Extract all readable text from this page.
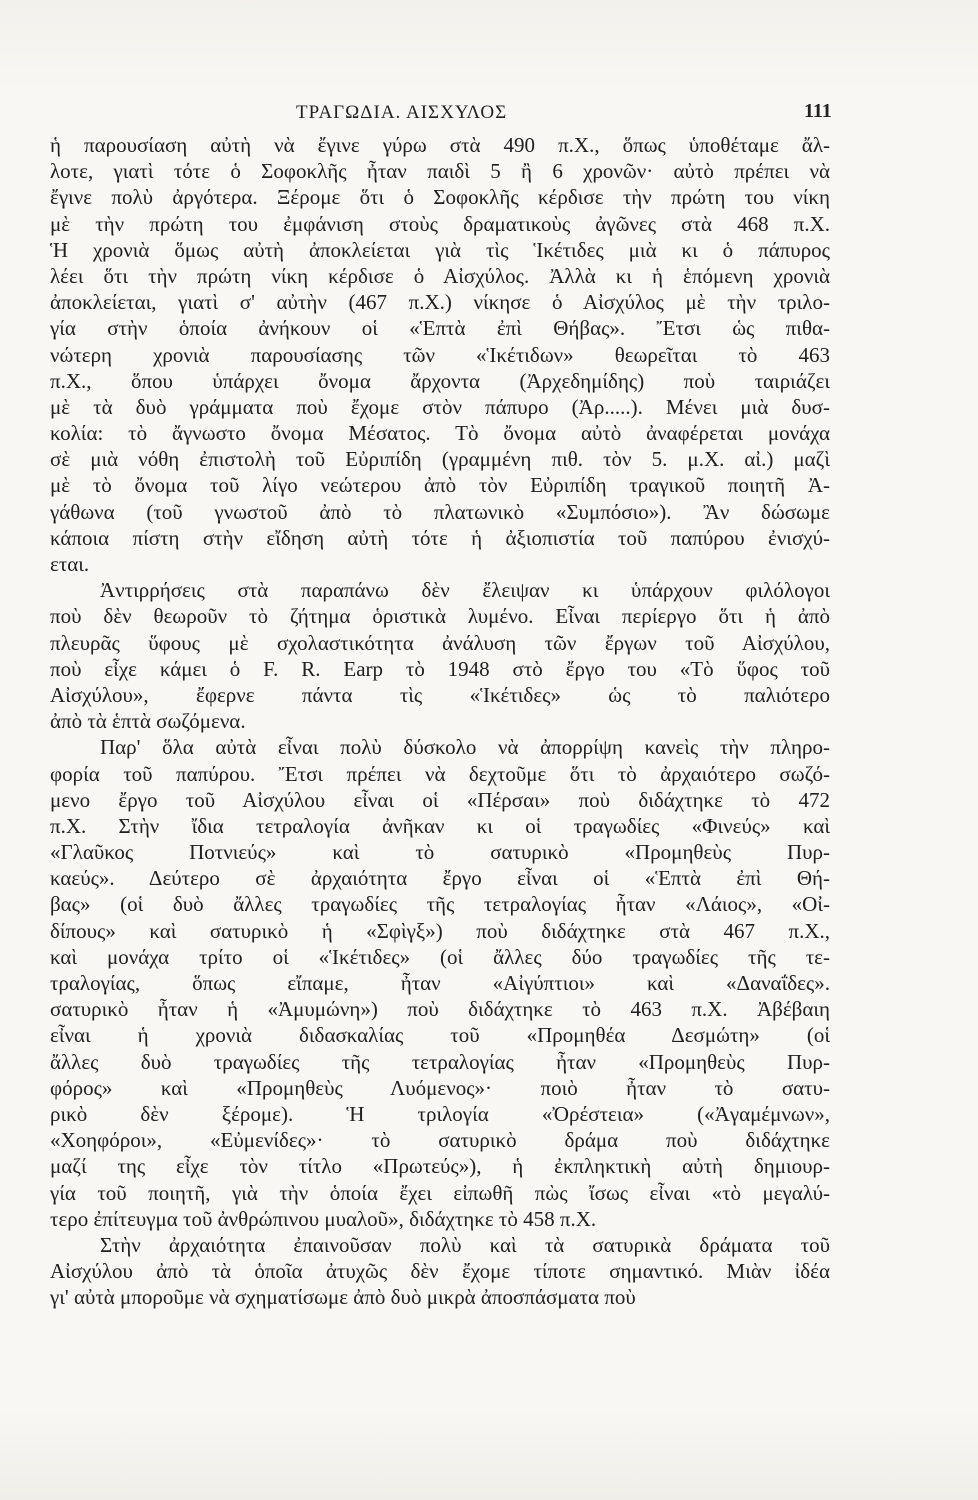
ΤΡΑΓΩΔΙΑ. ΑΙΣΧΥΛΟΣ	111
ἡ παρουσίαση αὐτὴ νὰ ἔγινε γύρω στὰ 490 π.Χ., ὅπως ὑποθέταμε ἄλ-
λοτε, γιατὶ τότε ὁ Σοφοκλῆς ἦταν παιδὶ 5 ἢ 6 χρονῶν· αὐτὸ πρέπει νὰ
ἔγινε πολὺ ἀργότερα. Ξέρομε ὅτι ὁ Σοφοκλῆς κέρδισε τὴν πρώτη του νίκη
μὲ τὴν πρώτη του ἐμφάνιση στοὺς δραματικοὺς ἀγῶνες στὰ 468 π.Χ.
Ἡ χρονιὰ ὅμως αὐτὴ ἀποκλείεται γιὰ τὶς Ἱκέτιδες μιὰ κι ὁ πάπυρος
λέει ὅτι τὴν πρώτη νίκη κέρδισε ὁ Αἰσχύλος. Ἀλλὰ κι ἡ ἑπόμενη χρονιὰ
ἀποκλείεται, γιατὶ σ' αὐτὴν (467 π.Χ.) νίκησε ὁ Αἰσχύλος μὲ τὴν τριλο-
γία στὴν ὁποία ἀνήκουν οἱ «Ἑπτὰ ἐπὶ Θήβας». Ἔτσι ὡς πιθα-
νώτερη χρονιὰ παρουσίασης τῶν «Ἱκέτιδων» θεωρεῖται τὸ 463
π.Χ., ὅπου ὑπάρχει ὄνομα ἄρχοντα (Ἀρχεδημίδης) ποὺ ταιριάζει
μὲ τὰ δυὸ γράμματα ποὺ ἔχομε στὸν πάπυρο (Ἀρ.....). Μένει μιὰ δυσ-
κολία: τὸ ἄγνωστο ὄνομα Μέσατος. Τὸ ὄνομα αὐτὸ ἀναφέρεται μονάχα
σὲ μιὰ νόθη ἐπιστολὴ τοῦ Εὐριπίδη (γραμμένη πιθ. τὸν 5. μ.Χ. αἰ.) μαζὶ
μὲ τὸ ὄνομα τοῦ λίγο νεώτερου ἀπὸ τὸν Εὐριπίδη τραγικοῦ ποιητῆ Ἀ-
γάθωνα (τοῦ γνωστοῦ ἀπὸ τὸ πλατωνικὸ «Συμπόσιο»). Ἂν δώσωμε
κάποια πίστη στὴν εἴδηση αὐτὴ τότε ἡ ἀξιοπιστία τοῦ παπύρου ἐνισχύ-
εται.
Ἀντιρρήσεις στὰ παραπάνω δὲν ἔλειψαν κι ὑπάρχουν φιλόλογοι
ποὺ δὲν θεωροῦν τὸ ζήτημα ὁριστικὰ λυμένο. Εἶναι περίεργο ὅτι ἡ ἀπὸ
πλευρᾶς ὕφους μὲ σχολαστικότητα ἀνάλυση τῶν ἔργων τοῦ Αἰσχύλου,
ποὺ εἶχε κάμει ὁ F. R. Earp τὸ 1948 στὸ ἔργο του «Τὸ ὕφος τοῦ
Αἰσχύλου», ἔφερνε πάντα τὶς «Ἱκέτιδες» ὡς τὸ παλιότερο
ἀπὸ τὰ ἑπτὰ σωζόμενα.
Παρ' ὅλα αὐτὰ εἶναι πολὺ δύσκολο νὰ ἀπορρίψη κανεὶς τὴν πληρο-
φορία τοῦ παπύρου. Ἔτσι πρέπει νὰ δεχτοῦμε ὅτι τὸ ἀρχαιότερο σωζό-
μενο ἔργο τοῦ Αἰσχύλου εἶναι οἱ «Πέρσαι» ποὺ διδάχτηκε τὸ 472
π.Χ. Στὴν ἴδια τετραλογία ἀνῆκαν κι οἱ τραγωδίες «Φινεύς» καὶ
«Γλαῦκος Ποτνιεύς» καὶ τὸ σατυρικὸ «Προμηθεὺς Πυρ-
καεύς». Δεύτερο σὲ ἀρχαιότητα ἔργο εἶναι οἱ «Ἑπτὰ ἐπὶ Θή-
βας» (οἱ δυὸ ἄλλες τραγωδίες τῆς τετραλογίας ἦταν «Λάιος», «Οἰ-
δίπους» καὶ σατυρικὸ ἡ «Σφὶγξ») ποὺ διδάχτηκε στὰ 467 π.Χ.,
καὶ μονάχα τρίτο οἱ «Ἱκέτιδες» (οἱ ἄλλες δύο τραγωδίες τῆς τε-
τραλογίας, ὅπως εἴπαμε, ἦταν «Αἰγύπτιοι» καὶ «Δαναΐδες».
σατυρικὸ ἦταν ἡ «Ἀμυμώνη») ποὺ διδάχτηκε τὸ 463 π.Χ. Ἀβέβαιη
εἶναι ἡ χρονιὰ διδασκαλίας τοῦ «Προμηθέα Δεσμώτη» (οἱ
ἄλλες δυὸ τραγωδίες τῆς τετραλογίας ἦταν «Προμηθεὺς Πυρ-
φόρος» καὶ «Προμηθεὺς Λυόμενος»· ποιὸ ἦταν τὸ σατυ-
ρικὸ δὲν ξέρομε). Ἡ τριλογία «Ὀρέστεια» («Ἀγαμέμνων»,
«Χοηφόροι», «Εὐμενίδες»· τὸ σατυρικὸ δράμα ποὺ διδάχτηκε
μαζί της εἶχε τὸν τίτλο «Πρωτεύς»), ἡ ἐκπληκτικὴ αὐτὴ δημιουρ-
γία τοῦ ποιητῆ, γιὰ τὴν ὁποία ἔχει εἰπωθῆ πὼς ἴσως εἶναι «τὸ μεγαλύ-
τερο ἐπίτευγμα τοῦ ἀνθρώπινου μυαλοῦ», διδάχτηκε τὸ 458 π.Χ.
Στὴν ἀρχαιότητα ἐπαινοῦσαν πολὺ καὶ τὰ σατυρικὰ δράματα τοῦ
Αἰσχύλου ἀπὸ τὰ ὁποῖα ἀτυχῶς δὲν ἔχομε τίποτε σημαντικό. Μιὰν ἰδέα
γι' αὐτὰ μποροῦμε νὰ σχηματίσωμε ἀπὸ δυὸ μικρὰ ἀποσπάσματα ποὺ
